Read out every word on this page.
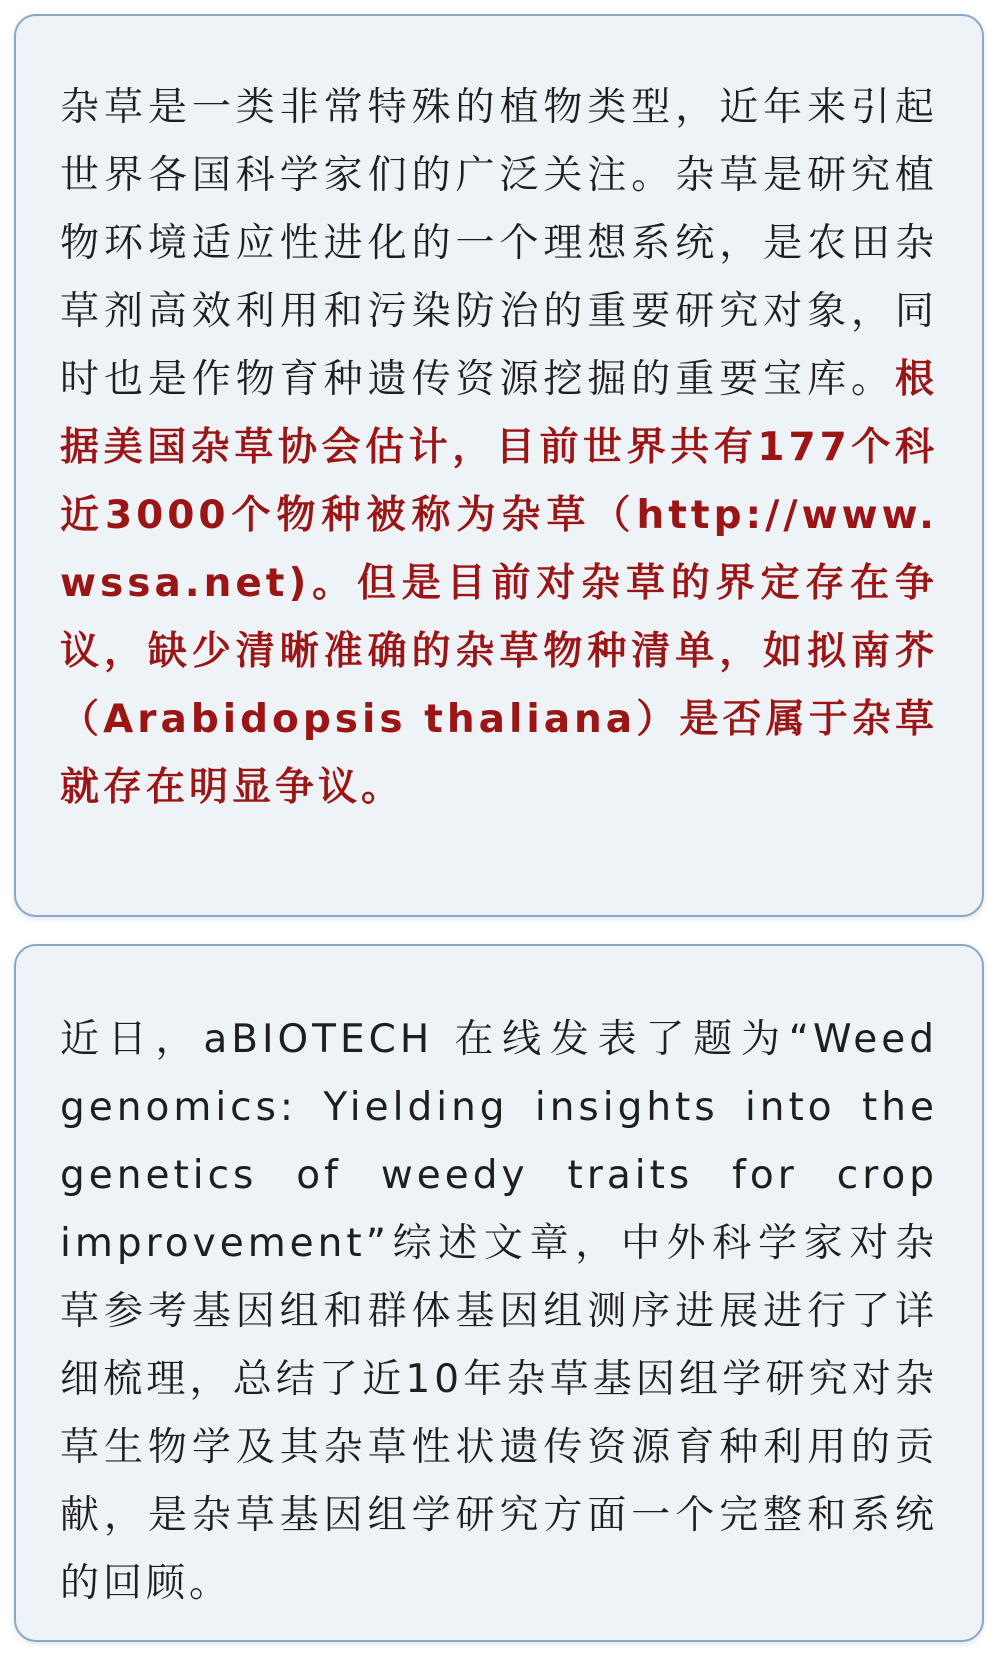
杂草是一类非常特殊的植物类型，近年来引起世界各国科学家们的广泛关注。杂草是研究植物环境适应性进化的一个理想系统，是农田杂草剂高效利用和污染防治的重要研究对象，同时也是作物育种遗传资源挖掘的重要宝库。根据美国杂草协会估计，目前世界共有177个科近3000个物种被称为杂草（http://www.wssa.net)。但是目前对杂草的界定存在争议，缺少清晰准确的杂草物种清单，如拟南芥（Arabidopsis thaliana）是否属于杂草就存在明显争议。

近日，aBIOTECH 在线发表了题为“Weed genomics: Yielding insights into the genetics of weedy traits for crop improvement”综述文章，中外科学家对杂草参考基因组和群体基因组测序进展进行了详细梳理，总结了近10年杂草基因组学研究对杂草生物学及其杂草性状遗传资源育种利用的贡献，是杂草基因组学研究方面一个完整和系统的回顾。
